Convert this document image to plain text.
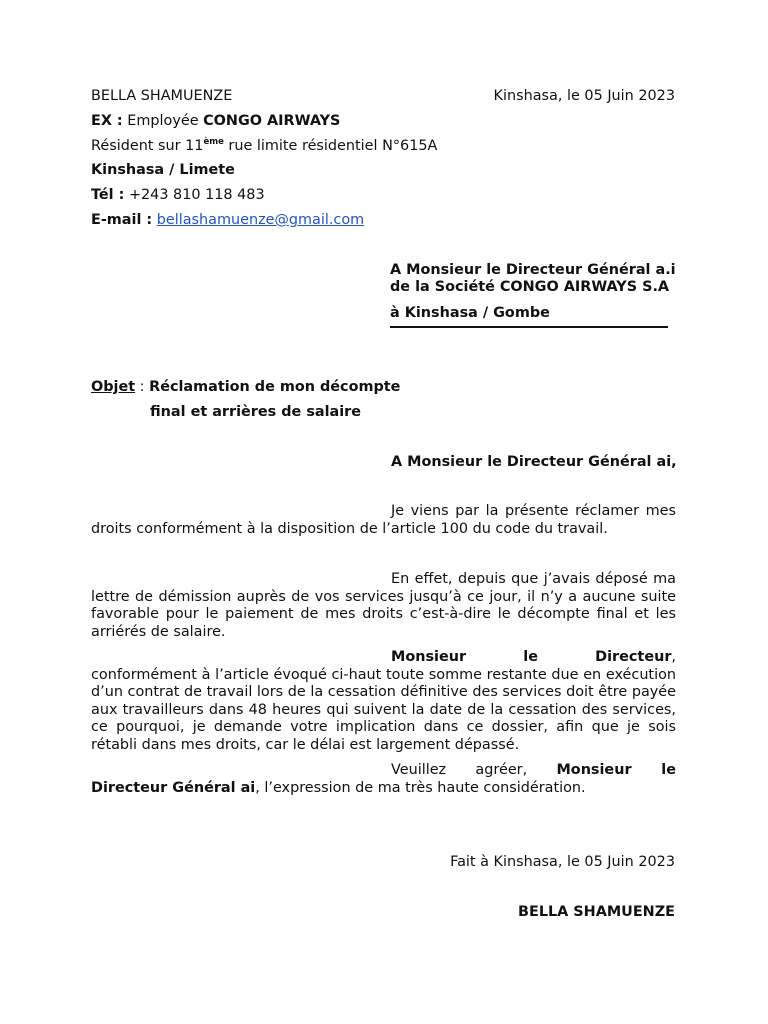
BELLA SHAMUENZE	Kinshasa, le 05 Juin 2023
EX : Employée CONGO AIRWAYS
Résident sur 11ème rue limite résidentiel N°615A
Kinshasa / Limete
Tél : +243 810 118 483
E-mail : bellashamuenze@gmail.com
A Monsieur le Directeur Général a.i
de la Société CONGO AIRWAYS S.A
à Kinshasa / Gombe
Objet : Réclamation de mon décompte
final et arrières de salaire
A Monsieur le Directeur Général ai,
Je viens par la présente réclamer mes droits conformément à la disposition de l’article 100 du code du travail.
En effet, depuis que j’avais déposé ma lettre de démission auprès de vos services jusqu’à ce jour, il n’y a aucune suite favorable pour le paiement de mes droits c’est-à-dire le décompte final et les arriérés de salaire.
Monsieur le Directeur, conformément à l’article évoqué ci-haut toute somme restante due en exécution d’un contrat de travail lors de la cessation définitive des services doit être payée aux travailleurs dans 48 heures qui suivent la date de la cessation des services, ce pourquoi, je demande votre implication dans ce dossier, afin que je sois rétabli dans mes droits, car le délai est largement dépassé.
Veuillez agréer, Monsieur le Directeur Général ai, l’expression de ma très haute considération.
Fait à Kinshasa, le 05 Juin 2023
BELLA SHAMUENZE
